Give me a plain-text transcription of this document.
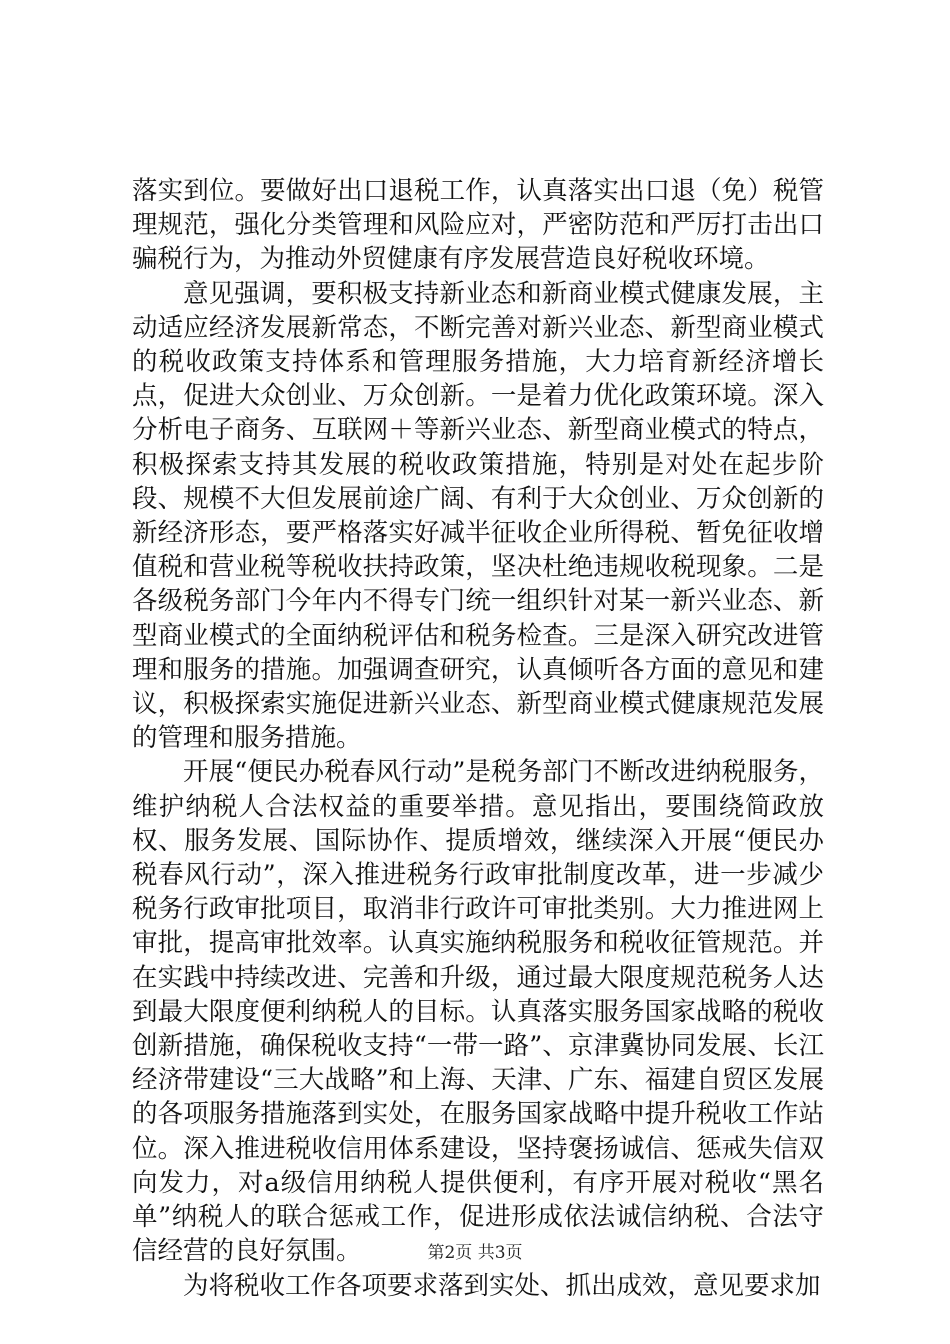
落实到位。要做好出口退税工作，认真落实出口退（免）税管理规范，强化分类管理和风险应对，严密防范和严厉打击出口骗税行为，为推动外贸健康有序发展营造良好税收环境。

意见强调，要积极支持新业态和新商业模式健康发展，主动适应经济发展新常态，不断完善对新兴业态、新型商业模式的税收政策支持体系和管理服务措施，大力培育新经济增长点，促进大众创业、万众创新。一是着力优化政策环境。深入分析电子商务、互联网＋等新兴业态、新型商业模式的特点，积极探索支持其发展的税收政策措施，特别是对处在起步阶段、规模不大但发展前途广阔、有利于大众创业、万众创新的新经济形态，要严格落实好减半征收企业所得税、暂免征收增值税和营业税等税收扶持政策，坚决杜绝违规收税现象。二是各级税务部门今年内不得专门统一组织针对某一新兴业态、新型商业模式的全面纳税评估和税务检查。三是深入研究改进管理和服务的措施。加强调查研究，认真倾听各方面的意见和建议，积极探索实施促进新兴业态、新型商业模式健康规范发展的管理和服务措施。

开展“便民办税春风行动”是税务部门不断改进纳税服务，维护纳税人合法权益的重要举措。意见指出，要围绕简政放权、服务发展、国际协作、提质增效，继续深入开展“便民办税春风行动”，深入推进税务行政审批制度改革，进一步减少税务行政审批项目，取消非行政许可审批类别。大力推进网上审批，提高审批效率。认真实施纳税服务和税收征管规范。并在实践中持续改进、完善和升级，通过最大限度规范税务人达到最大限度便利纳税人的目标。认真落实服务国家战略的税收创新措施，确保税收支持“一带一路”、京津冀协同发展、长江经济带建设“三大战略”和上海、天津、广东、福建自贸区发展的各项服务措施落到实处，在服务国家战略中提升税收工作站位。深入推进税收信用体系建设，坚持褒扬诚信、惩戒失信双向发力，对a级信用纳税人提供便利，有序开展对税收“黑名单”纳税人的联合惩戒工作，促进形成依法诚信纳税、合法守信经营的良好氛围。

为将税收工作各项要求落到实处、抓出成效，意见要求加

第2页 共3页
